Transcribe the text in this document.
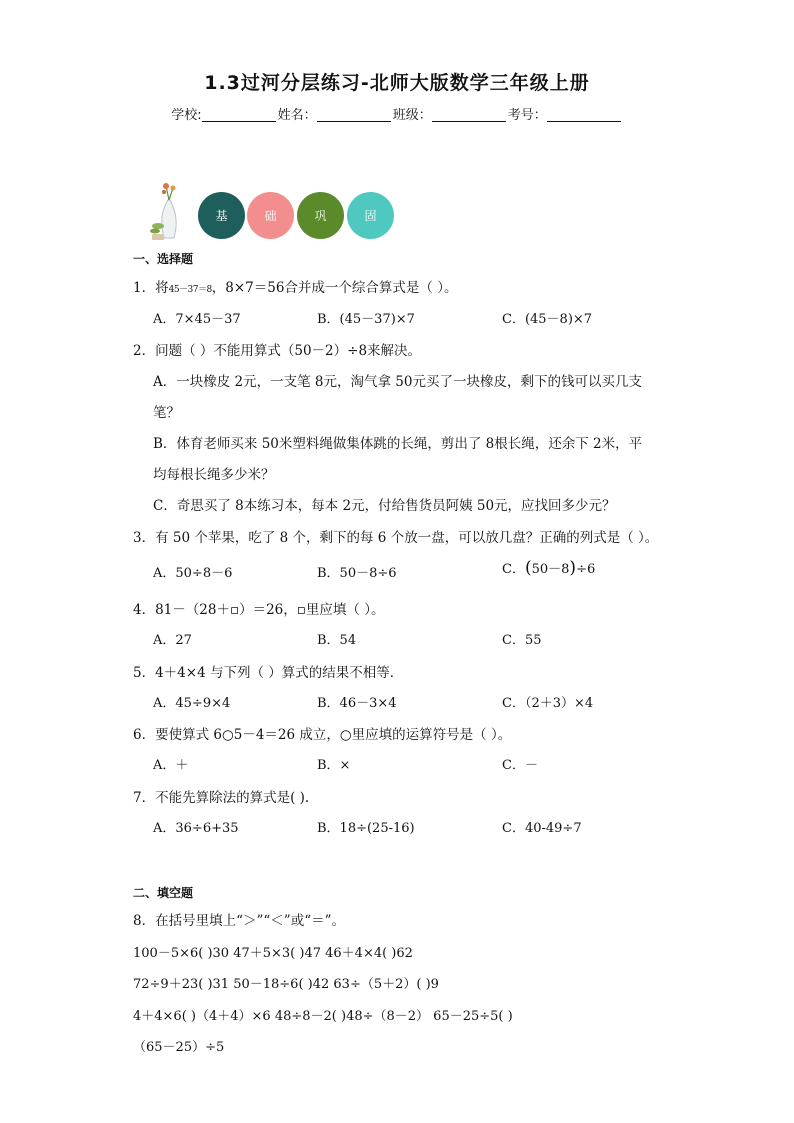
1.3过河分层练习-北师大版数学三年级上册
学校:	姓名：	班级：	考号：
基	础	巩	固
一、选择题
1．将45－37＝8，8×7＝56合并成一个综合算式是（ ）。
A．7×45－37	B．(45－37)×7	C．(45－8)×7
2．问题（ ）不能用算式（50－2）÷8来解决。
A．一块橡皮 2元，一支笔 8元，淘气拿 50元买了一块橡皮，剩下的钱可以买几支
笔？
B．体育老师买来 50米塑料绳做集体跳的长绳，剪出了 8根长绳，还余下 2米，平
均每根长绳多少米？
C．奇思买了 8本练习本，每本 2元，付给售货员阿姨 50元，应找回多少元？
3．有 50 个苹果，吃了 8 个，剩下的每 6 个放一盘，可以放几盘？正确的列式是（ ）。
A．50÷8－6	B．50－8÷6	C．(50－8)÷6
4．81－（28＋▫）＝26，▫里应填（ ）。
A．27	B．54	C．55
5．4＋4×4 与下列（ ）算式的结果不相等．
A．45÷9×4	B．46－3×4	C．（2＋3）×4
6．要使算式 6○5－4＝26 成立，○里应填的运算符号是（ ）。
A．＋	B．×	C．－
7．不能先算除法的算式是( ).
A．36÷6+35	B．18÷(25-16)	C．40-49÷7
二、填空题
8．在括号里填上“＞”“＜”或“＝”。
100－5×6( )30 47＋5×3( )47 46＋4×4( )62
72÷9＋23( )31 50－18÷6( )42 63÷（5＋2）( )9
4＋4×6( )（4＋4）×6 48÷8－2( )48÷（8－2） 65－25÷5( )
（65－25）÷5
